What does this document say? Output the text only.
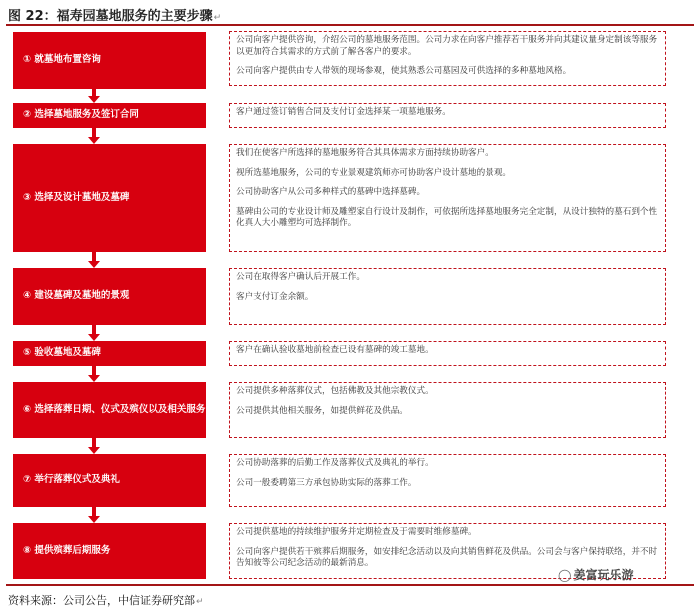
图 22：福寿园墓地服务的主要步骤↵
① 就墓地布置咨询

公司向客户提供咨询，介绍公司的墓地服务范围。公司力求在向客户推荐若干服务并向其建议量身定制该等服务以更加符合其需求的方式前了解各客户的要求。

公司向客户提供由专人带领的现场参观，使其熟悉公司墓园及可供选择的多种墓地风格。

② 选择墓地服务及签订合同	客户通过签订销售合同及支付订金选择某一项墓地服务。

③ 选择及设计墓地及墓碑

我们在使客户所选择的墓地服务符合其具体需求方面持续协助客户。

视所选墓地服务，公司的专业景观建筑师亦可协助客户设计墓地的景观。

公司协助客户从公司多种样式的墓碑中选择墓碑。

墓碑由公司的专业设计师及雕塑家自行设计及制作，可依据所选择墓地服务完全定制，从设计独特的墓石到个性化真人大小雕塑均可选择制作。

④ 建设墓碑及墓地的景观

公司在取得客户确认后开展工作。

客户支付订金余额。

⑤ 验收墓地及墓碑	客户在确认验收墓地前检查已设有墓碑的竣工墓地。

⑥ 选择落葬日期、仪式及殡仪以及相关服务

公司提供多种落葬仪式，包括佛教及其他宗教仪式。

公司提供其他相关服务，如提供鲜花及供品。

⑦ 举行落葬仪式及典礼

公司协助落葬的后勤工作及落葬仪式及典礼的举行。

公司一般委聘第三方承包协助实际的落葬工作。

⑧ 提供殡葬后期服务

公司提供墓地的持续维护服务并定期检查及于需要时维修墓碑。

公司向客户提供若干殡葬后期服务，如安排纪念活动以及向其销售鲜花及供品。公司会与客户保持联络，并不时告知彼等公司纪念活动的最新消息。

◯ 姜富玩乐游
资料来源：公司公告，中信证券研究部↵
